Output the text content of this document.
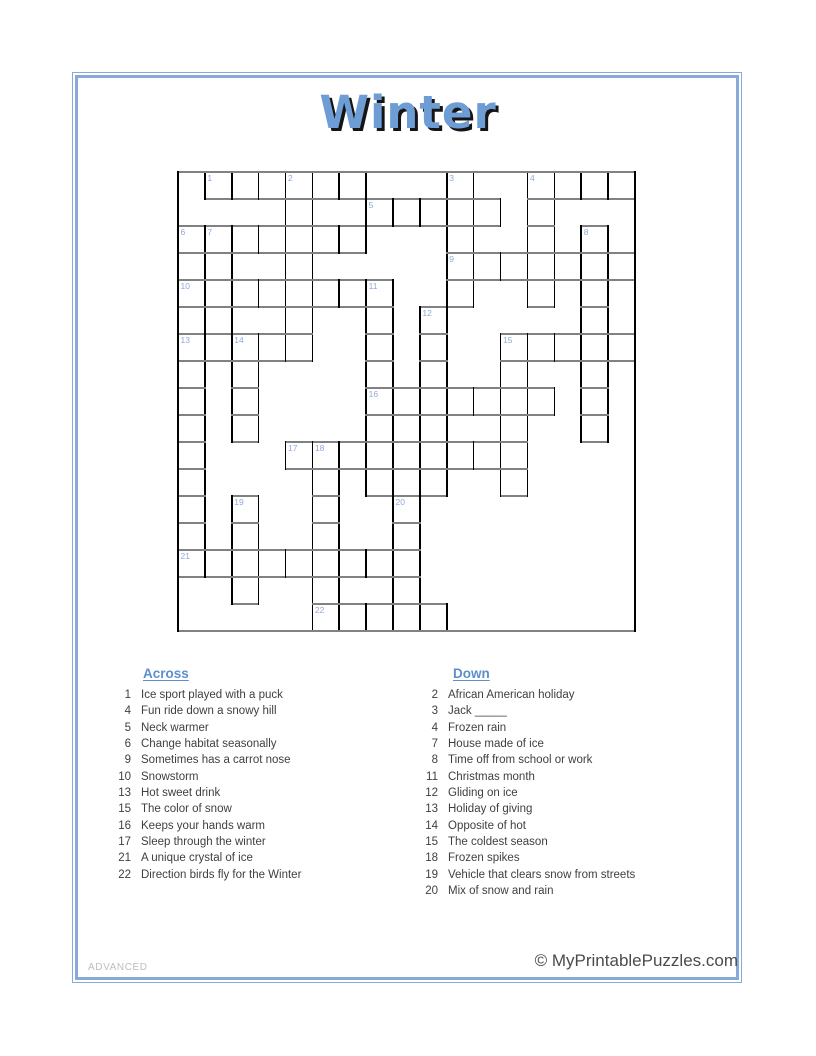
Winter
1	2	3	4
5
6	7	8
9
10	11
12
13	14	15
16
17 18
19	20
21
22
Across	Down
1 Ice sport played with a puck
4 Fun ride down a snowy hill
5 Neck warmer
6 Change habitat seasonally
9 Sometimes has a carrot nose
10 Snowstorm
13 Hot sweet drink
15 The color of snow
16 Keeps your hands warm
17 Sleep through the winter
21 A unique crystal of ice
22 Direction birds fly for the Winter
2 African American holiday
3 Jack _____
4 Frozen rain
7 House made of ice
8 Time off from school or work
11 Christmas month
12 Gliding on ice
13 Holiday of giving
14 Opposite of hot
15 The coldest season
18 Frozen spikes
19 Vehicle that clears snow from streets
20 Mix of snow and rain
ADVANCED	© MyPrintablePuzzles.com
